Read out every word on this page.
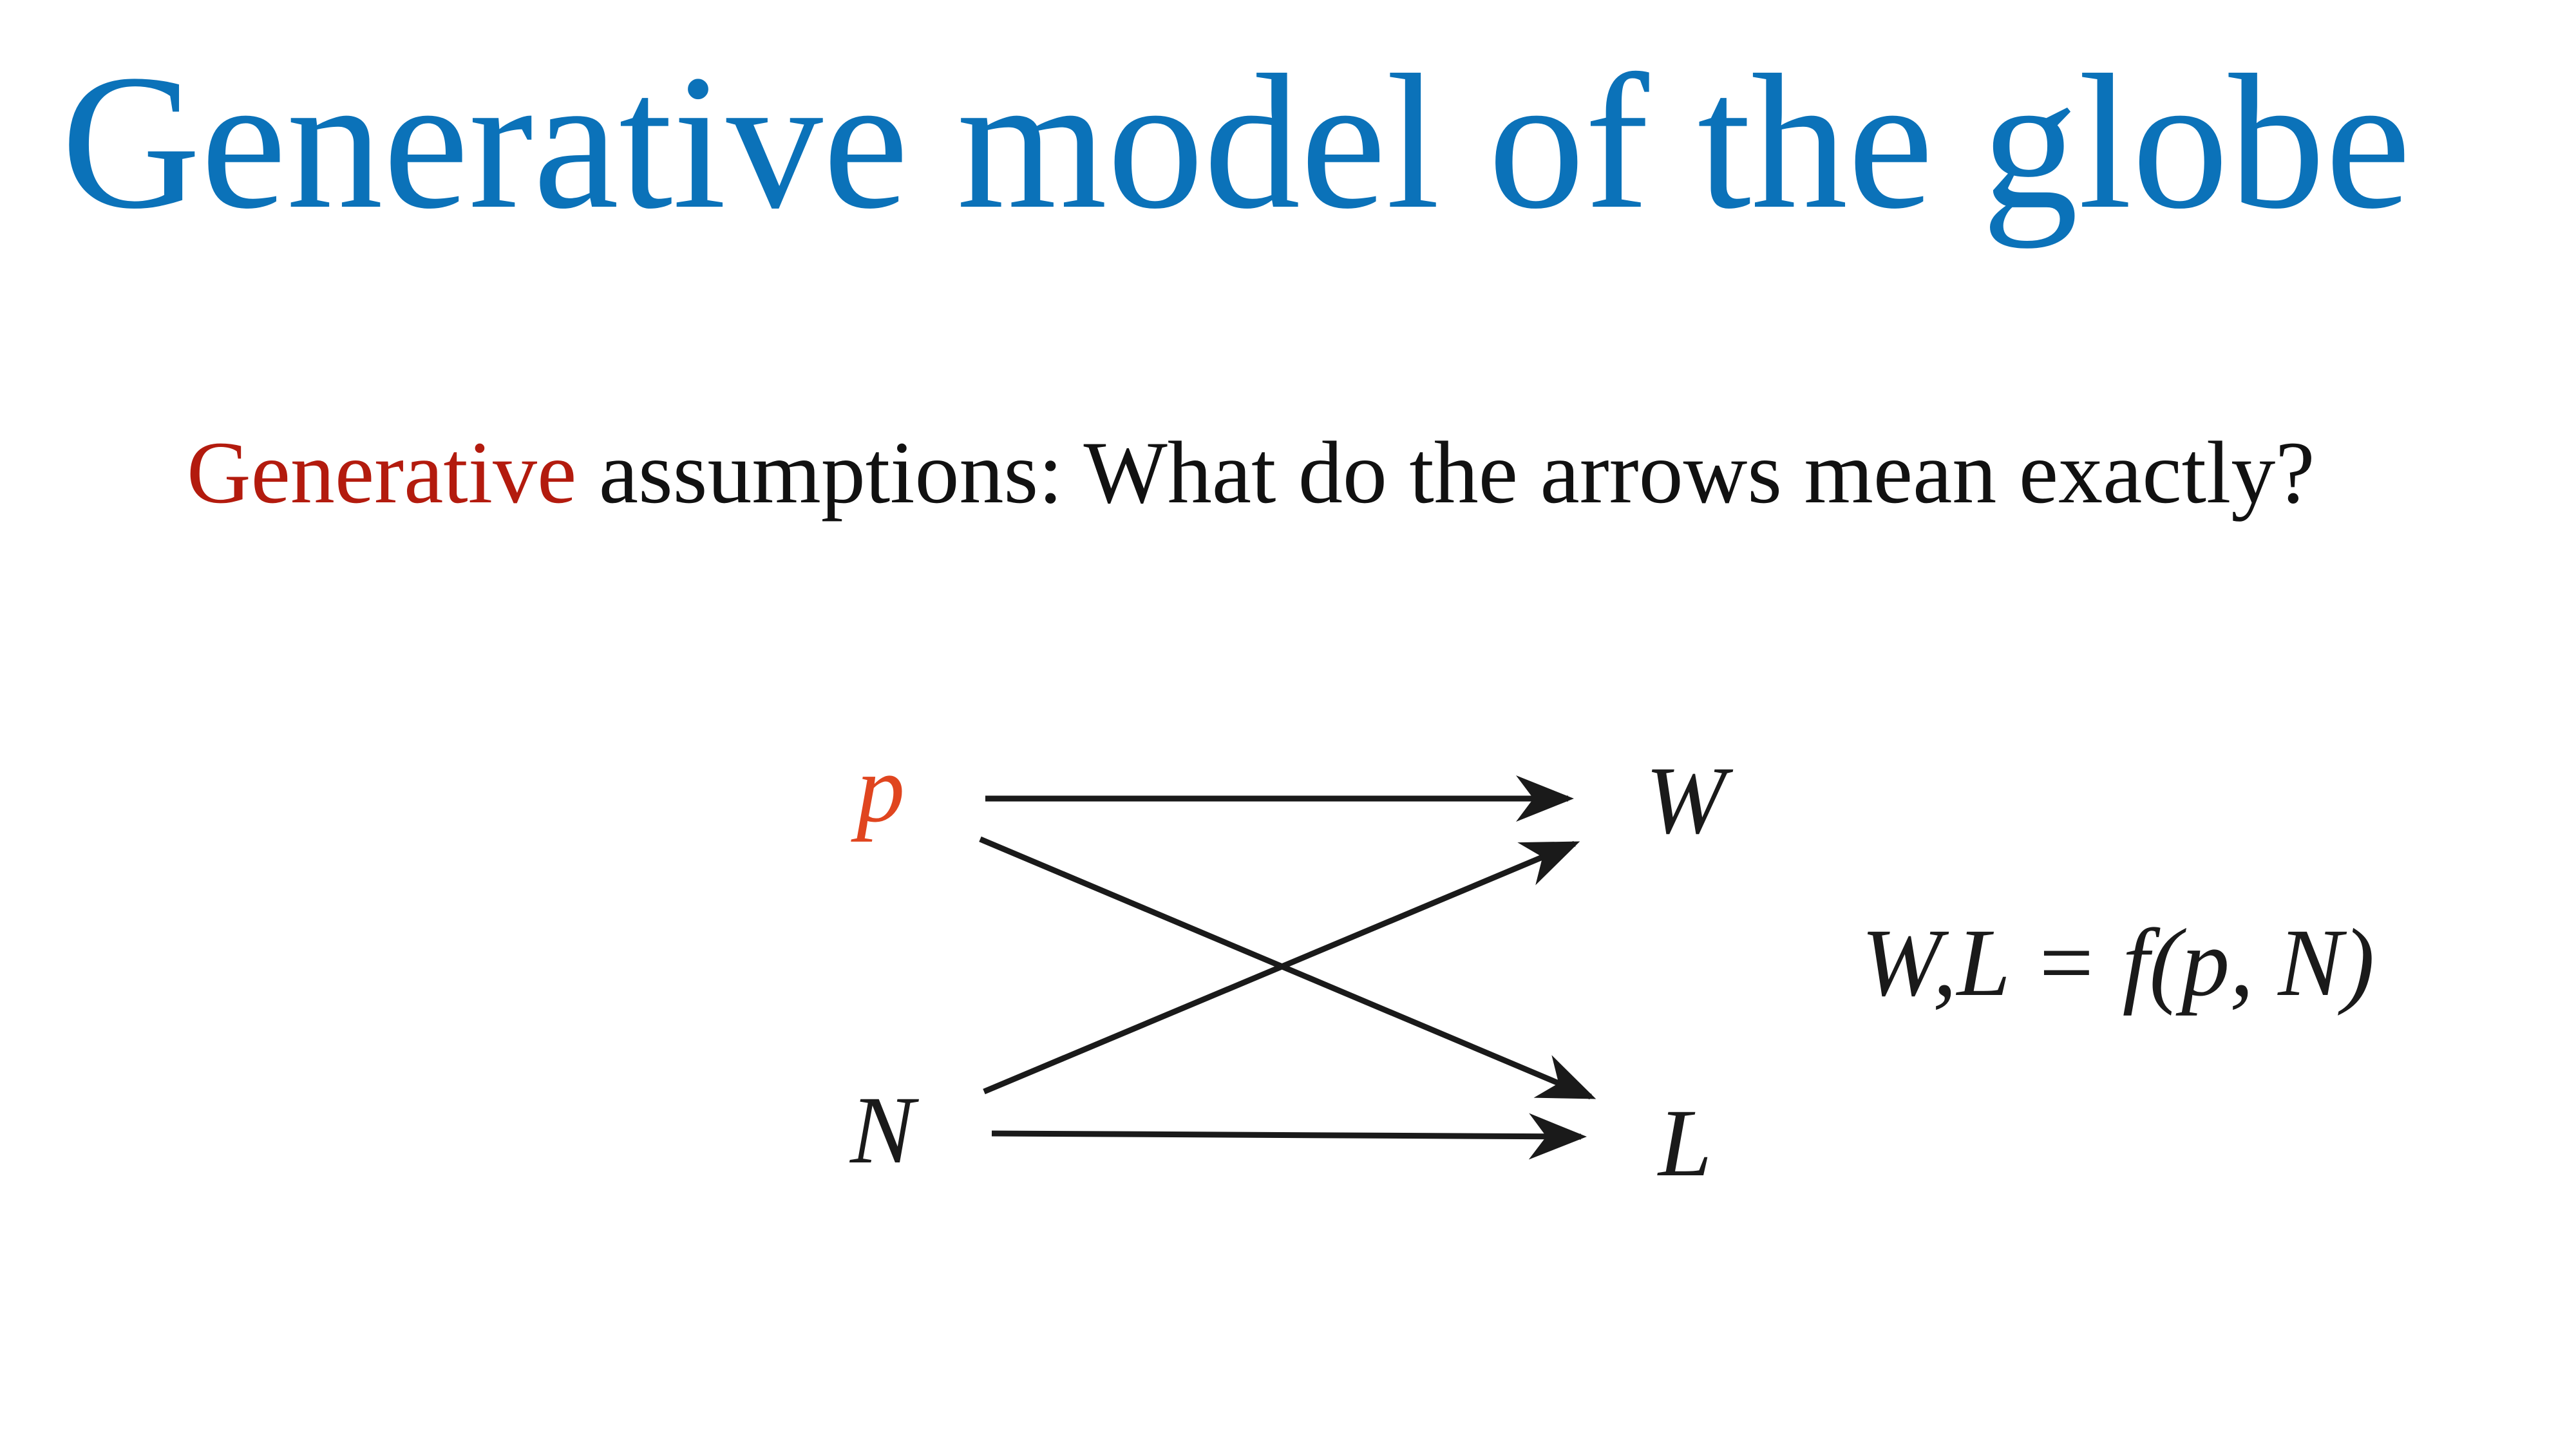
Generative model of the globe

Generative assumptions: What do the arrows mean exactly?

p	W
N	L
W,L = f(p, N)
